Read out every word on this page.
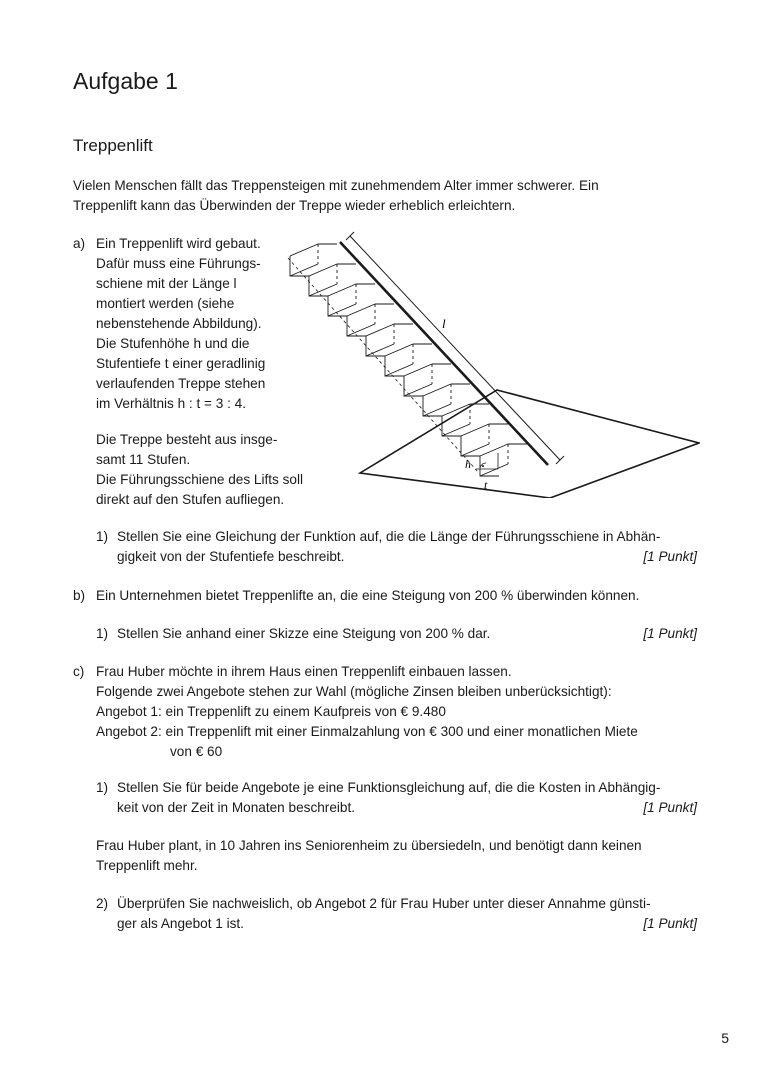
Aufgabe 1
Treppenlift
Vielen Menschen fällt das Treppensteigen mit zunehmendem Alter immer schwerer. Ein
Treppenlift kann das Überwinden der Treppe wieder erheblich erleichtern.
a) Ein Treppenlift wird gebaut.
Dafür muss eine Führungs-
schiene mit der Länge l
montiert werden (siehe
nebenstehende Abbildung).
Die Stufenhöhe h und die
Stufentiefe t einer geradlinig
verlaufenden Treppe stehen
im Verhältnis h : t = 3 : 4.
Die Treppe besteht aus insge-
samt 11 Stufen.
Die Führungsschiene des Lifts soll
direkt auf den Stufen aufliegen.
l
h
t
1) Stellen Sie eine Gleichung der Funktion auf, die die Länge der Führungsschiene in Abhän-
gigkeit von der Stufentiefe beschreibt.	[1 Punkt]
b) Ein Unternehmen bietet Treppenlifte an, die eine Steigung von 200 % überwinden können.
1) Stellen Sie anhand einer Skizze eine Steigung von 200 % dar.	[1 Punkt]
c) Frau Huber möchte in ihrem Haus einen Treppenlift einbauen lassen.
Folgende zwei Angebote stehen zur Wahl (mögliche Zinsen bleiben unberücksichtigt):
Angebot 1: ein Treppenlift zu einem Kaufpreis von € 9.480
Angebot 2: ein Treppenlift mit einer Einmalzahlung von € 300 und einer monatlichen Miete
von € 60
1) Stellen Sie für beide Angebote je eine Funktionsgleichung auf, die die Kosten in Abhängig-
keit von der Zeit in Monaten beschreibt.	[1 Punkt]
Frau Huber plant, in 10 Jahren ins Seniorenheim zu übersiedeln, und benötigt dann keinen
Treppenlift mehr.
2) Überprüfen Sie nachweislich, ob Angebot 2 für Frau Huber unter dieser Annahme günsti-
ger als Angebot 1 ist.	[1 Punkt]
5
